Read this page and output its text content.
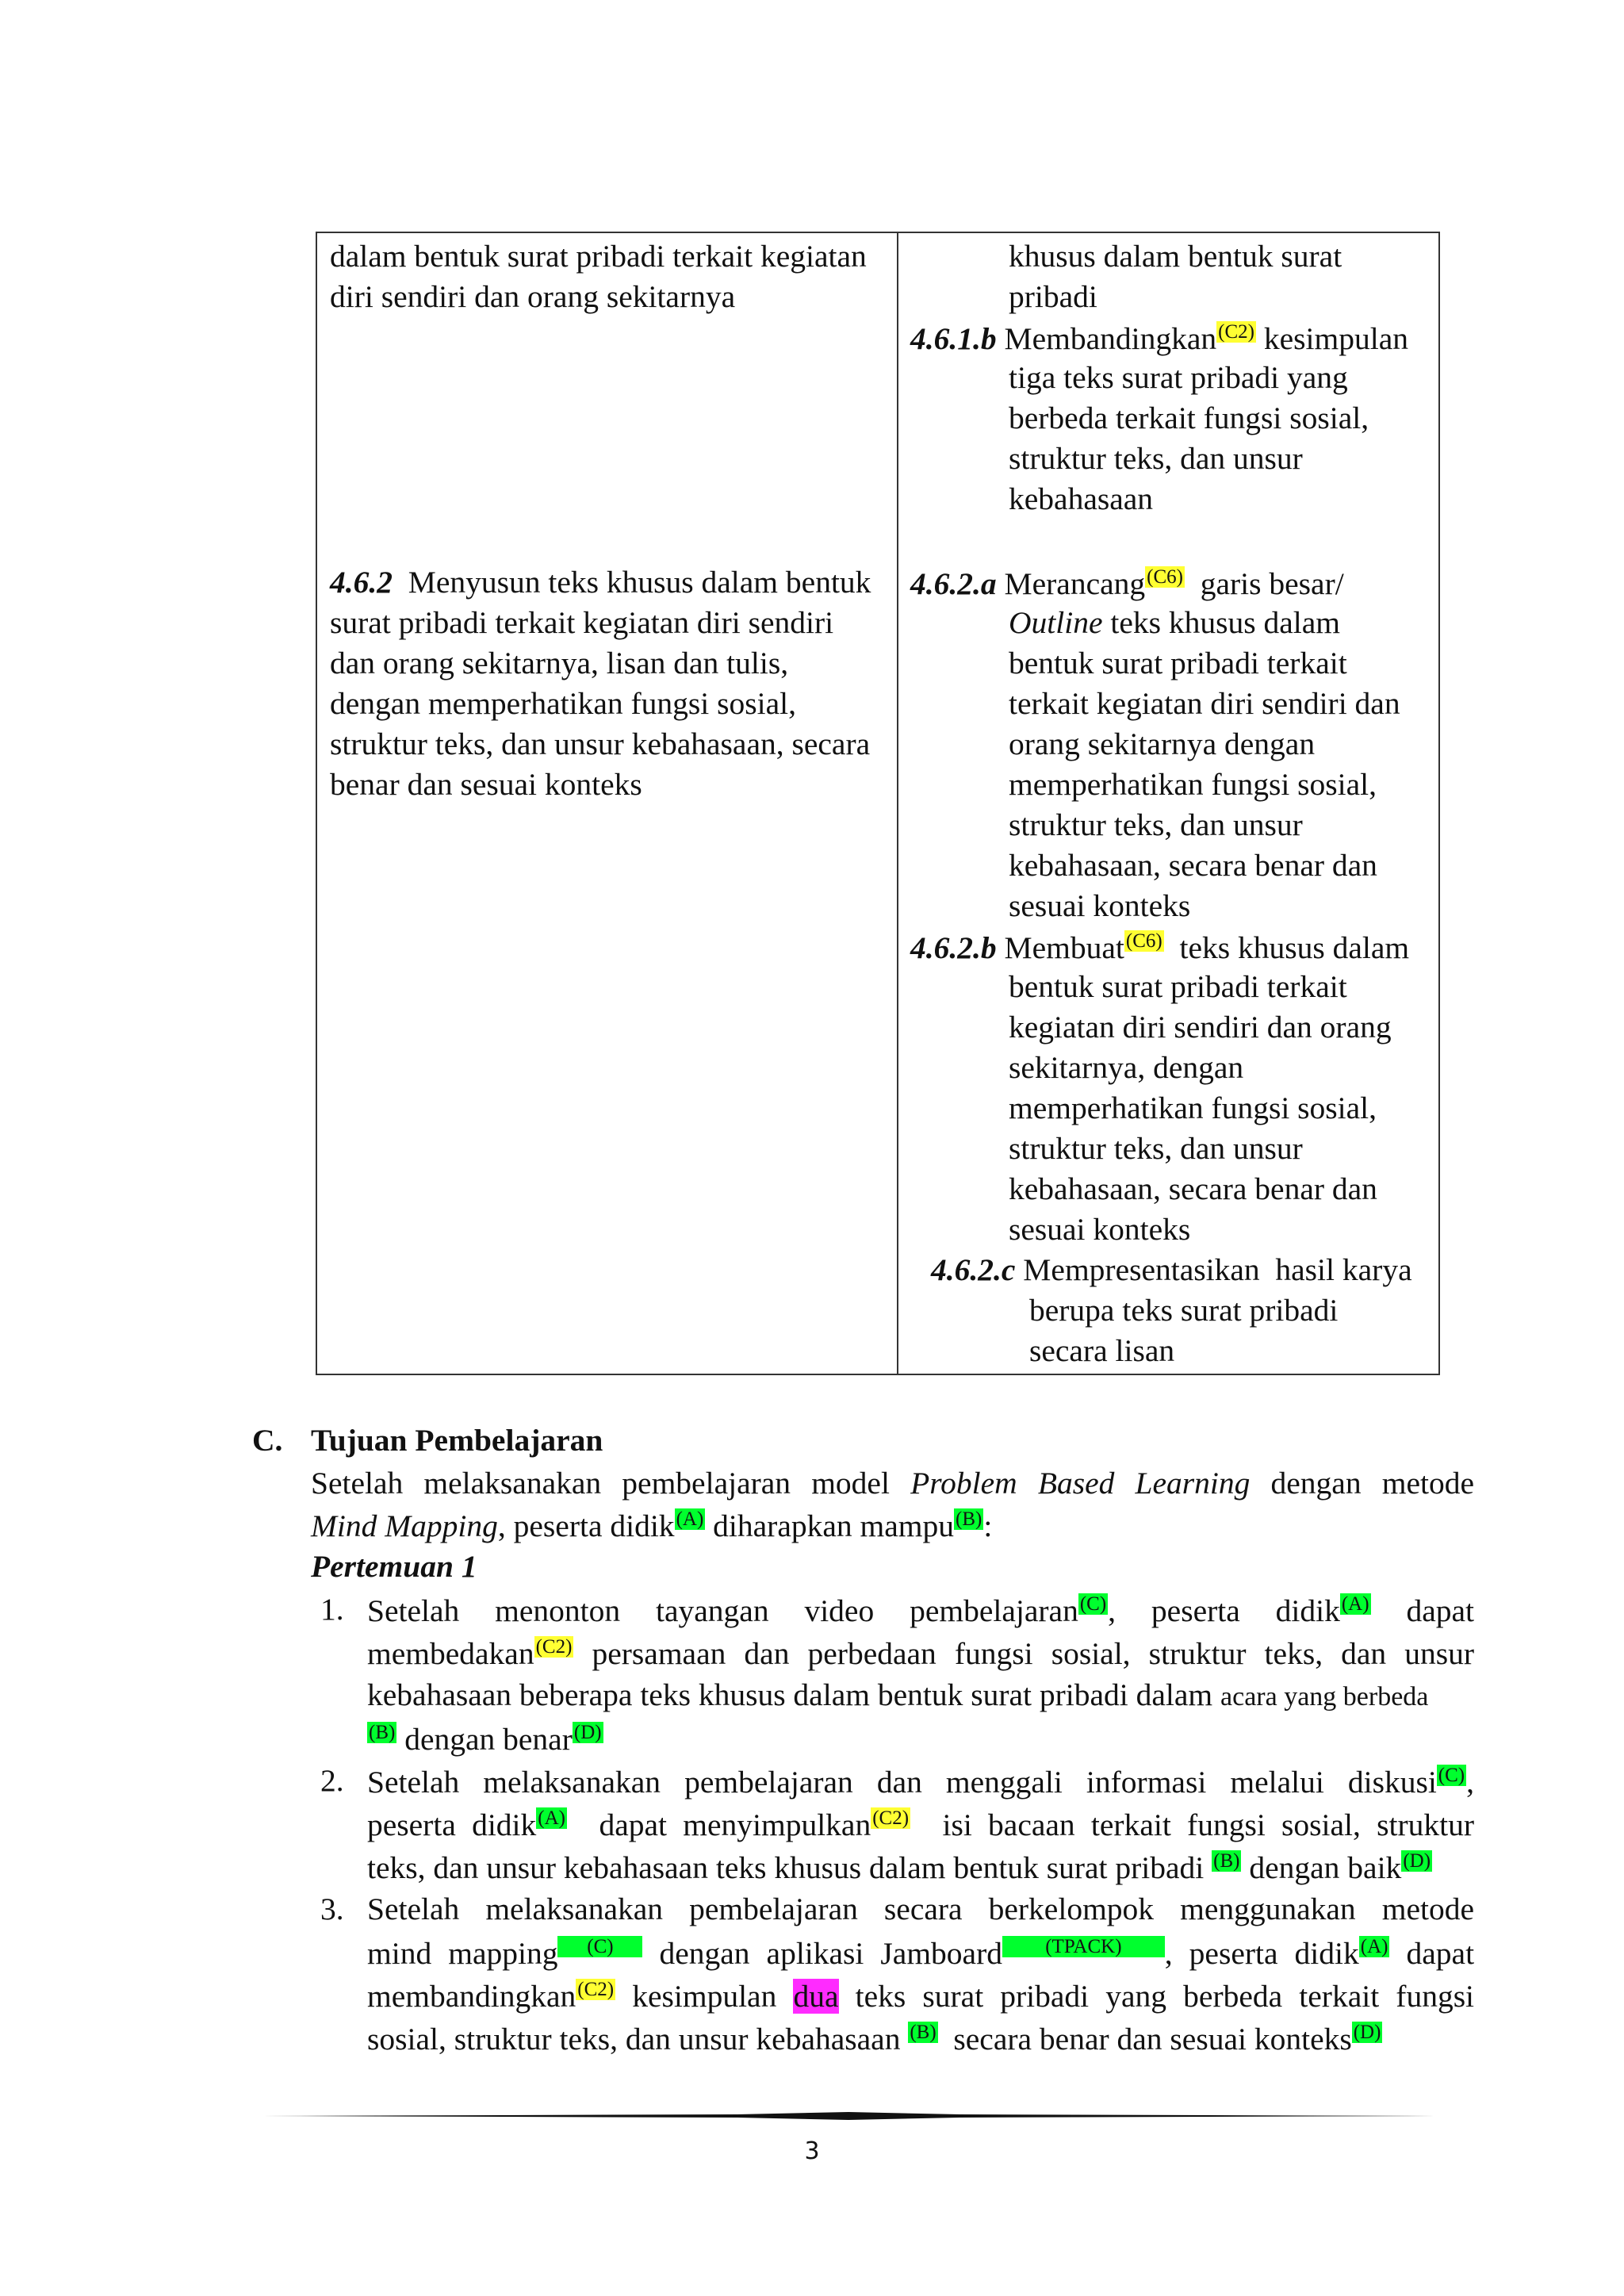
dalam bentuk surat pribadi terkait kegiatan
diri sendiri dan orang sekitarnya
4.6.2 Menyusun teks khusus dalam bentuk
surat pribadi terkait kegiatan diri sendiri
dan orang sekitarnya, lisan dan tulis,
dengan memperhatikan fungsi sosial,
struktur teks, dan unsur kebahasaan, secara
benar dan sesuai konteks
khusus dalam bentuk surat
pribadi
4.6.1.b Membandingkan$^{(C2)}$ kesimpulan
tiga teks surat pribadi yang
berbeda terkait fungsi sosial,
struktur teks, dan unsur
kebahasaan
4.6.2.a Merancang$^{(C6)}$ garis besar/
Outline teks khusus dalam
bentuk surat pribadi terkait
terkait kegiatan diri sendiri dan
orang sekitarnya dengan
memperhatikan fungsi sosial,
struktur teks, dan unsur
kebahasaan, secara benar dan
sesuai konteks
4.6.2.b Membuat$^{(C6)}$ teks khusus dalam
bentuk surat pribadi terkait
kegiatan diri sendiri dan orang
sekitarnya, dengan
memperhatikan fungsi sosial,
struktur teks, dan unsur
kebahasaan, secara benar dan
sesuai konteks
4.6.2.c Mempresentasikan  hasil karya
berupa teks surat pribadi
secara lisan
C. Tujuan Pembelajaran
Setelah melaksanakan pembelajaran model Problem Based Learning dengan metode
Mind Mapping, peserta didik$^{(A)}$ diharapkan mampu$^{(B)}$:
Pertemuan 1
1. Setelah menonton tayangan video pembelajaran$^{(C)}$, peserta didik$^{(A)}$ dapat
membedakan$^{(C2)}$ persamaan dan perbedaan fungsi sosial, struktur teks, dan unsur
kebahasaan beberapa teks khusus dalam bentuk surat pribadi dalam acara yang berbeda
$^{(B)}$ dengan benar$^{(D)}$
2. Setelah melaksanakan pembelajaran dan menggali informasi melalui diskusi$^{(C)}$,
peserta didik$^{(A)}$ dapat menyimpulkan$^{(C2)}$ isi bacaan terkait fungsi sosial, struktur
teks, dan unsur kebahasaan teks khusus dalam bentuk surat pribadi $^{(B)}$ dengan baik$^{(D)}$
3. Setelah melaksanakan pembelajaran secara berkelompok menggunakan metode
mind mapping $^{(C)}$ dengan aplikasi Jamboard $^{(TPACK)}$ , peserta didik$^{(A)}$ dapat
membandingkan$^{(C2)}$ kesimpulan dua teks surat pribadi yang berbeda terkait fungsi
sosial, struktur teks, dan unsur kebahasaan $^{(B)}$ secara benar dan sesuai konteks$^{(D)}$
3
